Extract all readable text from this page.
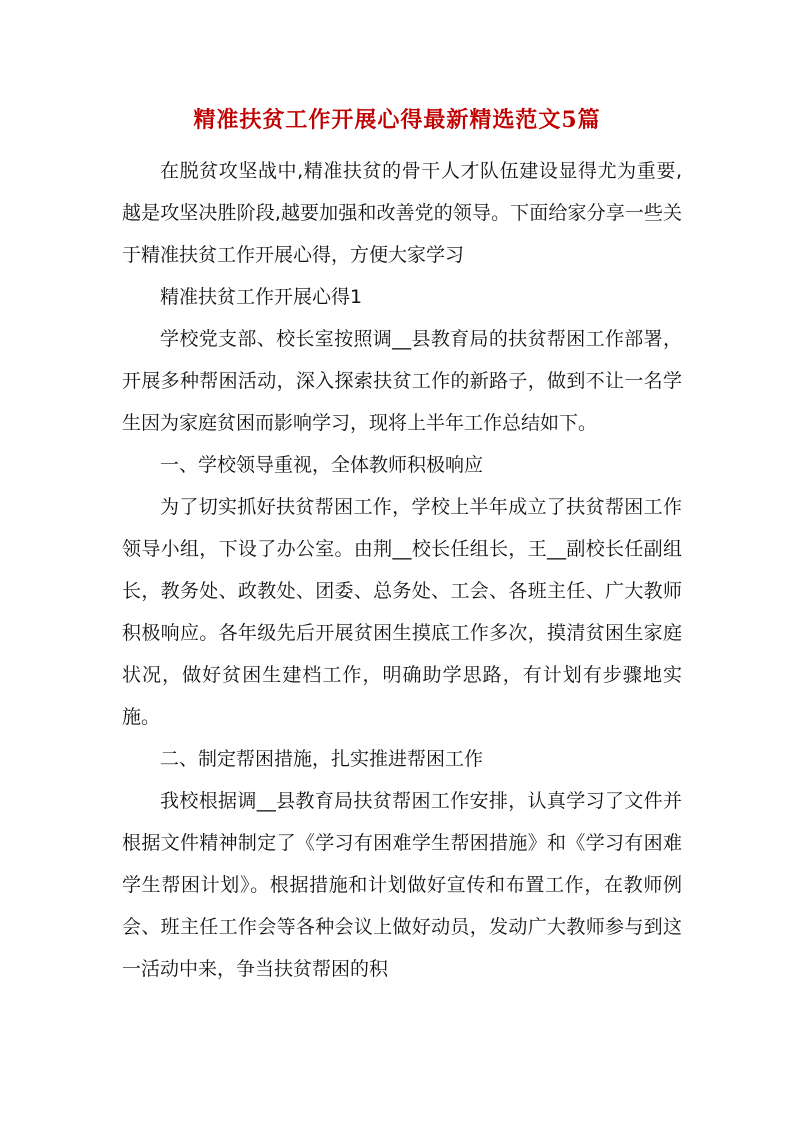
精准扶贫工作开展心得最新精选范文5篇

在脱贫攻坚战中,精准扶贫的骨干人才队伍建设显得尤为重要,越是攻坚决胜阶段,越要加强和改善党的领导。下面给家分享一些关于精准扶贫工作开展心得，方便大家学习

精准扶贫工作开展心得1

学校党支部、校长室按照调__县教育局的扶贫帮困工作部署，开展多种帮困活动，深入探索扶贫工作的新路子，做到不让一名学生因为家庭贫困而影响学习，现将上半年工作总结如下。

一、学校领导重视，全体教师积极响应

为了切实抓好扶贫帮困工作，学校上半年成立了扶贫帮困工作领导小组，下设了办公室。由荆__校长任组长，王__副校长任副组长，教务处、政教处、团委、总务处、工会、各班主任、广大教师积极响应。各年级先后开展贫困生摸底工作多次，摸清贫困生家庭状况，做好贫困生建档工作，明确助学思路，有计划有步骤地实施。

二、制定帮困措施，扎实推进帮困工作

我校根据调__县教育局扶贫帮困工作安排，认真学习了文件并根据文件精神制定了《学习有困难学生帮困措施》和《学习有困难学生帮困计划》。根据措施和计划做好宣传和布置工作，在教师例会、班主任工作会等各种会议上做好动员，发动广大教师参与到这一活动中来，争当扶贫帮困的积
